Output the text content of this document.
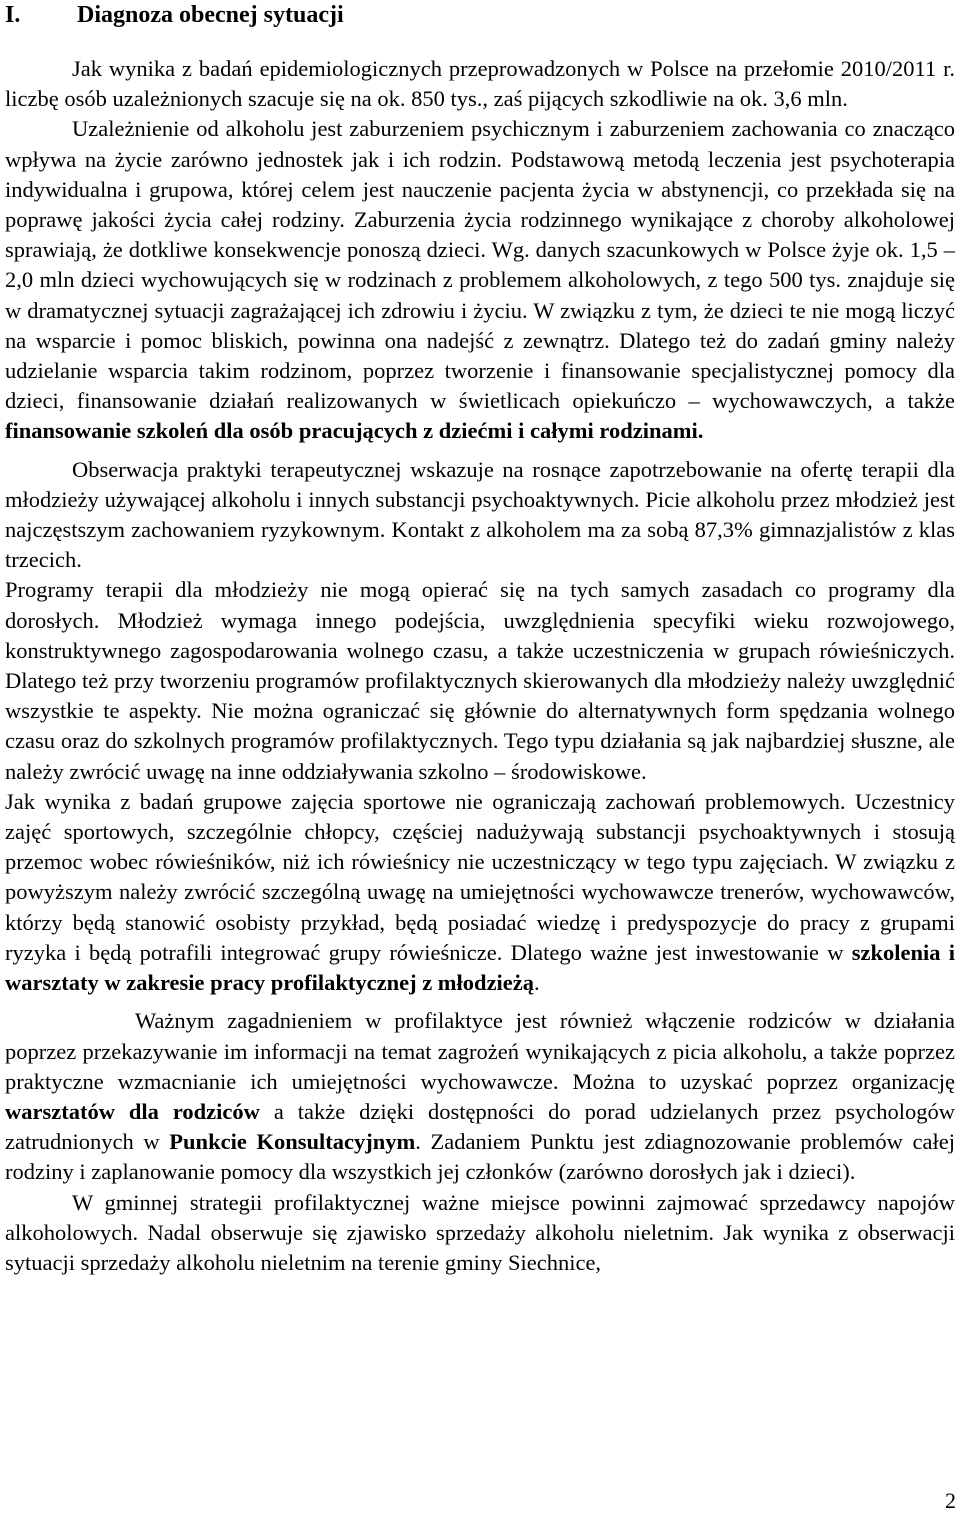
I. Diagnoza obecnej sytuacji

Jak wynika z badań epidemiologicznych przeprowadzonych w Polsce na przełomie 2010/2011 r. liczbę osób uzależnionych szacuje się na ok. 850 tys., zaś pijących szkodliwie na ok. 3,6 mln.

Uzależnienie od alkoholu jest zaburzeniem psychicznym i zaburzeniem zachowania co znacząco wpływa na życie zarówno jednostek jak i ich rodzin. Podstawową metodą leczenia jest psychoterapia indywidualna i grupowa, której celem jest nauczenie pacjenta życia w abstynencji, co przekłada się na poprawę jakości życia całej rodziny. Zaburzenia życia rodzinnego wynikające z choroby alkoholowej sprawiają, że dotkliwe konsekwencje ponoszą dzieci. Wg. danych szacunkowych w Polsce żyje ok. 1,5 – 2,0 mln dzieci wychowujących się w rodzinach z problemem alkoholowych, z tego 500 tys. znajduje się w dramatycznej sytuacji zagrażającej ich zdrowiu i życiu. W związku z tym, że dzieci te nie mogą liczyć na wsparcie i pomoc bliskich, powinna ona nadejść z zewnątrz. Dlatego też do zadań gminy należy udzielanie wsparcia takim rodzinom, poprzez tworzenie i finansowanie specjalistycznej pomocy dla dzieci, finansowanie działań realizowanych w świetlicach opiekuńczo – wychowawczych, a także finansowanie szkoleń dla osób pracujących z dziećmi i całymi rodzinami.

Obserwacja praktyki terapeutycznej wskazuje na rosnące zapotrzebowanie na ofertę terapii dla młodzieży używającej alkoholu i innych substancji psychoaktywnych. Picie alkoholu przez młodzież jest najczęstszym zachowaniem ryzykownym. Kontakt z alkoholem ma za sobą 87,3% gimnazjalistów z klas trzecich.

Programy terapii dla młodzieży nie mogą opierać się na tych samych zasadach co programy dla dorosłych. Młodzież wymaga innego podejścia, uwzględnienia specyfiki wieku rozwojowego, konstruktywnego zagospodarowania wolnego czasu, a także uczestniczenia w grupach rówieśniczych. Dlatego też przy tworzeniu programów profilaktycznych skierowanych dla młodzieży należy uwzględnić wszystkie te aspekty. Nie można ograniczać się głównie do alternatywnych form spędzania wolnego czasu oraz do szkolnych programów profilaktycznych. Tego typu działania są jak najbardziej słuszne, ale należy zwrócić uwagę na inne oddziaływania szkolno – środowiskowe.

Jak wynika z badań grupowe zajęcia sportowe nie ograniczają zachowań problemowych. Uczestnicy zajęć sportowych, szczególnie chłopcy, częściej nadużywają substancji psychoaktywnych i stosują przemoc wobec rówieśników, niż ich rówieśnicy nie uczestniczący w tego typu zajęciach. W związku z powyższym należy zwrócić szczególną uwagę na umiejętności wychowawcze trenerów, wychowawców, którzy będą stanowić osobisty przykład, będą posiadać wiedzę i predyspozycje do pracy z grupami ryzyka i będą potrafili integrować grupy rówieśnicze. Dlatego ważne jest inwestowanie w szkolenia i warsztaty w zakresie pracy profilaktycznej z młodzieżą.

Ważnym zagadnieniem w profilaktyce jest również włączenie rodziców w działania poprzez przekazywanie im informacji na temat zagrożeń wynikających z picia alkoholu, a także poprzez praktyczne wzmacnianie ich umiejętności wychowawcze. Można to uzyskać poprzez organizację warsztatów dla rodziców a także dzięki dostępności do porad udzielanych przez psychologów zatrudnionych w Punkcie Konsultacyjnym. Zadaniem Punktu jest zdiagnozowanie problemów całej rodziny i zaplanowanie pomocy dla wszystkich jej członków (zarówno dorosłych jak i dzieci).

W gminnej strategii profilaktycznej ważne miejsce powinni zajmować sprzedawcy napojów alkoholowych. Nadal obserwuje się zjawisko sprzedaży alkoholu nieletnim. Jak wynika z obserwacji sytuacji sprzedaży alkoholu nieletnim na terenie gminy Siechnice,

2
